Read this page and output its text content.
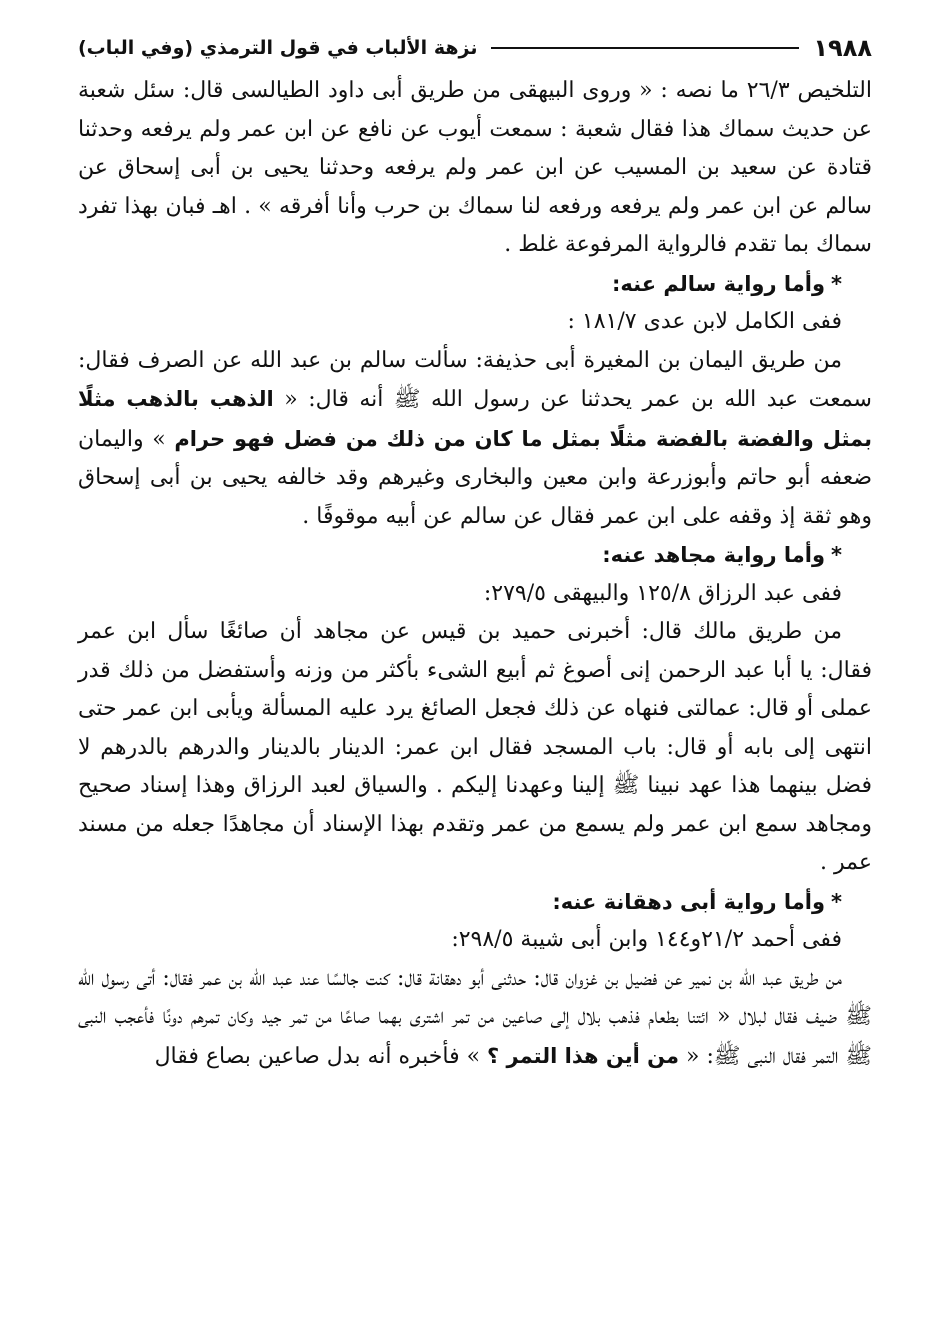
١٩٨٨
نزهة الألباب في قول الترمذي (وفي الباب)

التلخيص ٢٦/٣ ما نصه : « وروى البيهقى من طريق أبى داود الطيالسى قال: سئل شعبة عن حديث سماك هذا فقال شعبة : سمعت أيوب عن نافع عن ابن عمر ولم يرفعه وحدثنا قتادة عن سعيد بن المسيب عن ابن عمر ولم يرفعه وحدثنا يحيى بن أبى إسحاق عن سالم عن ابن عمر ولم يرفعه ورفعه لنا سماك بن حرب وأنا أفرقه » . اهـ فبان بهذا تفرد سماك بما تقدم فالرواية المرفوعة غلط .

*وأما رواية سالم عنه:

ففى الكامل لابن عدى ١٨١/٧ :

من طريق اليمان بن المغيرة أبى حذيفة: سألت سالم بن عبد الله عن الصرف فقال: سمعت عبد الله بن عمر يحدثنا عن رسول الله ﷺ أنه قال: « الذهب بالذهب مثلًا بمثل والفضة بالفضة مثلًا بمثل ما كان من ذلك من فضل فهو حرام » واليمان ضعفه أبو حاتم وأبوزرعة وابن معين والبخارى وغيرهم وقد خالفه يحيى بن أبى إسحاق وهو ثقة إذ وقفه على ابن عمر فقال عن سالم عن أبيه موقوفًا .

*وأما رواية مجاهد عنه:

ففى عبد الرزاق ١٢٥/٨ والبيهقى ٢٧٩/٥:

من طريق مالك قال: أخبرنى حميد بن قيس عن مجاهد أن صائغًا سأل ابن عمر فقال: يا أبا عبد الرحمن إنى أصوغ ثم أبيع الشىء بأكثر من وزنه وأستفضل من ذلك قدر عملى أو قال: عمالتى فنهاه عن ذلك فجعل الصائغ يرد عليه المسألة ويأبى ابن عمر حتى انتهى إلى بابه أو قال: باب المسجد فقال ابن عمر: الدينار بالدينار والدرهم بالدرهم لا فضل بينهما هذا عهد نبينا ﷺ إلينا وعهدنا إليكم . والسياق لعبد الرزاق وهذا إسناد صحيح ومجاهد سمع ابن عمر ولم يسمع من عمر وتقدم بهذا الإسناد أن مجاهدًا جعله من مسند عمر .

*وأما رواية أبى دهقانة عنه:

ففى أحمد ٢١/٢و١٤٤ وابن أبى شيبة ٢٩٨/٥:

من طريق عبد الله بن نمير عن فضيل بن غزوان قال: حدثنى أبو دهقانة قال: كنت جالسًا عند عبد الله بن عمر فقال: أتى رسول الله ﷺ ضيف فقال لبلال « ائتنا بطعام فذهب بلال إلى صاعين من تمر اشترى بهما صاعًا من تمر جيد وكان تمرهم دونًا فأعجب النبى ﷺ التمر فقال النبى ﷺ: « من أين هذا التمر ؟ » فأخبره أنه بدل صاعين بصاع فقال
